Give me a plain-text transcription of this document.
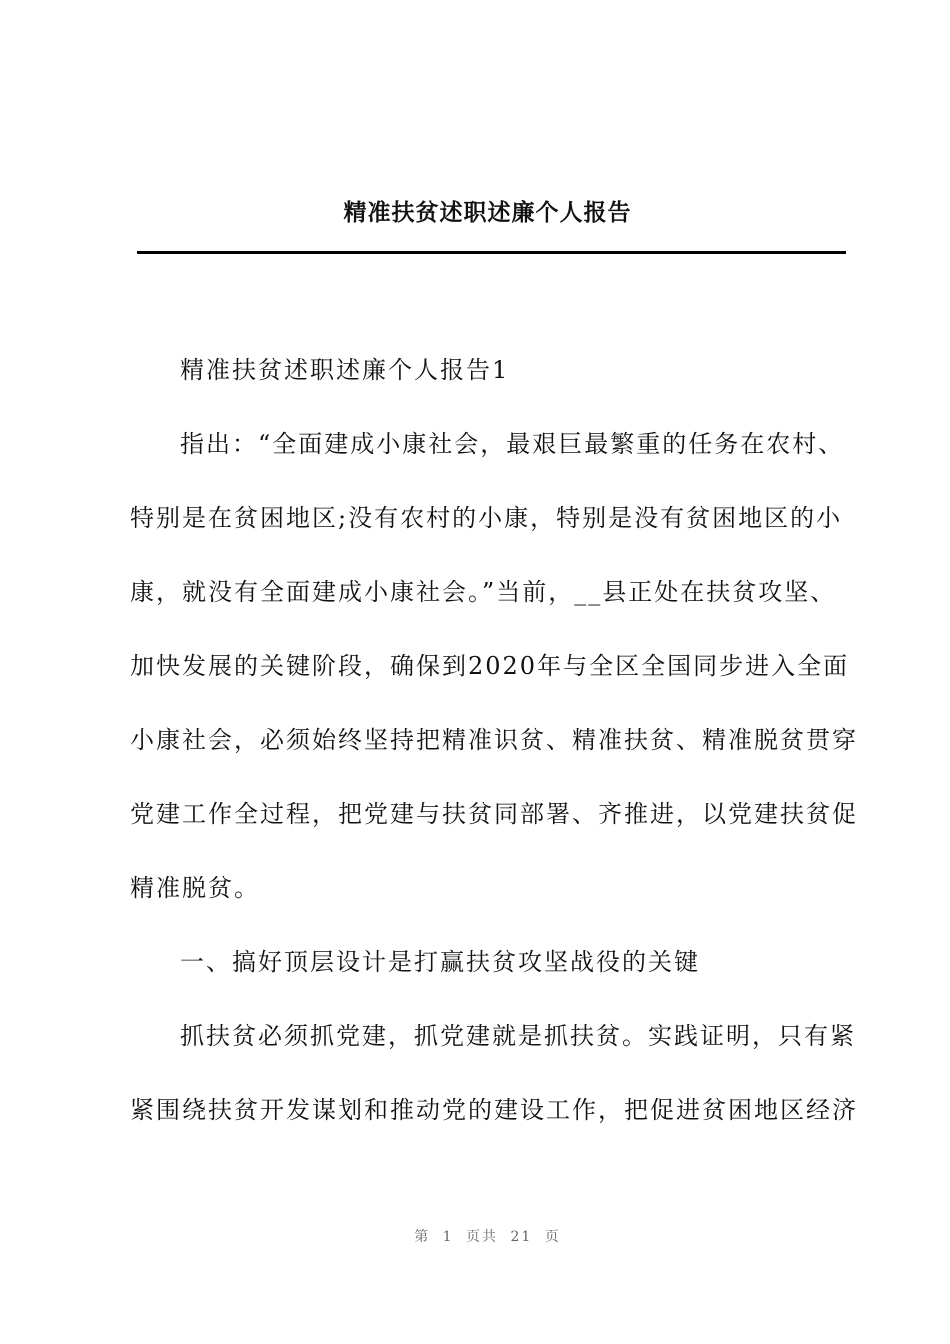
精准扶贫述职述廉个人报告
精准扶贫述职述廉个人报告1
指出：“全面建成小康社会，最艰巨最繁重的任务在农村、
特别是在贫困地区;没有农村的小康，特别是没有贫困地区的小
康，就没有全面建成小康社会。”当前，__县正处在扶贫攻坚、
加快发展的关键阶段，确保到2020年与全区全国同步进入全面
小康社会，必须始终坚持把精准识贫、精准扶贫、精准脱贫贯穿
党建工作全过程，把党建与扶贫同部署、齐推进，以党建扶贫促
精准脱贫。
一、搞好顶层设计是打赢扶贫攻坚战役的关键
抓扶贫必须抓党建，抓党建就是抓扶贫。实践证明，只有紧
紧围绕扶贫开发谋划和推动党的建设工作，把促进贫困地区经济
第 1 页共 21 页
